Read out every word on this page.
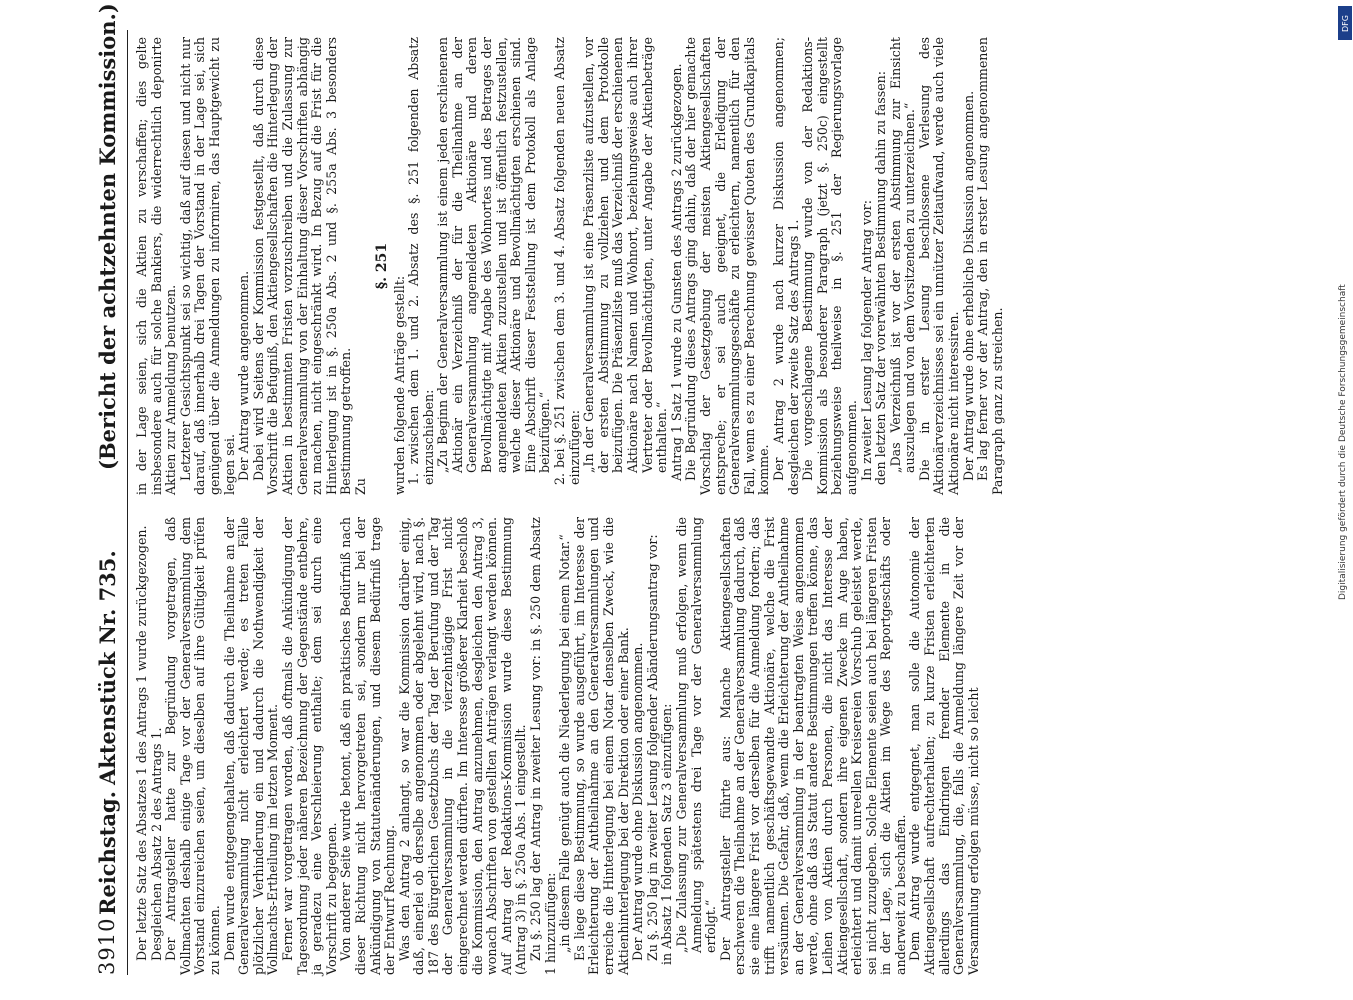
3910
Reichstag.
Aktenstück Nr. 735.
(Bericht der achtzehnten Kommission.)

Der letzte Satz des Absatzes 1 des Antrags 1 wurde zurückgezogen. Desgleichen Absatz 2 des Antrags 1. Der Antragsteller hatte zur Begründung vorgetragen, daß Vollmachten deshalb einige Tage vor der Generalversammlung dem Vorstand einzureichen seien, um dieselben auf ihre Gültigkeit prüfen zu können. Dem wurde entgegengehalten, daß dadurch die Theilnahme an der Generalversammlung nicht erleichtert werde; es treten Fälle plötzlicher Verhinderung ein und dadurch die Nothwendigkeit der Vollmachts-Ertheilung im letzten Moment. Ferner war vorgetragen worden, daß oftmals die Ankündigung der Tagesordnung jeder näheren Bezeichnung der Gegenstände entbehre, ja geradezu eine Verschleierung enthalte; dem sei durch eine Vorschrift zu begegnen. Von anderer Seite wurde betont, daß ein praktisches Bedürfniß nach dieser Richtung nicht hervorgetreten sei, sondern nur bei der Ankündigung von Statutenänderungen, und diesem Bedürfniß trage der Entwurf Rechnung. Was den Antrag 2 anlangt, so war die Kommission darüber einig, daß, einerlei ob derselbe angenommen oder abgelehnt wird, nach §. 187 des Bürgerlichen Gesetzbuchs der Tag der Berufung und der Tag der Generalversammlung in die vierzehntägige Frist nicht eingerechnet werden dürften. Im Interesse größerer Klarheit beschloß die Kommission, den Antrag anzunehmen, desgleichen den Antrag 3, wonach Abschriften von gestellten Anträgen verlangt werden können. Auf Antrag der Redaktions-Kommission wurde diese Bestimmung (Antrag 3) in §. 250a Abs. 1 eingestellt. Zu §. 250 lag der Antrag in zweiter Lesung vor: in §. 250 dem Absatz 1 hinzuzufügen: „in diesem Falle genügt auch die Niederlegung bei einem Notar.“ Es liege diese Bestimmung, so wurde ausgeführt, im Interesse der Erleichterung der Antheilnahme an den Generalversammlungen und erreiche die Hinterlegung bei einem Notar denselben Zweck, wie die Aktienhinterlegung bei der Direktion oder einer Bank. Der Antrag wurde ohne Diskussion angenommen. Zu §. 250 lag in zweiter Lesung folgender Abänderungsantrag vor: in Absatz 1 folgenden Satz 3 einzufügen: „Die Zulassung zur Generalversammlung muß erfolgen, wenn die Anmeldung spätestens drei Tage vor der Generalversammlung erfolgt.“ Der Antragsteller führte aus: Manche Aktiengesellschaften erschweren die Theilnahme an der Generalversammlung dadurch, daß sie eine längere Frist vor derselben für die Anmeldung fordern; das trifft namentlich geschäftsgewandte Aktionäre, welche die Frist versäumen. Die Gefahr, daß, wenn die Erleichterung der Antheilnahme an der Generalversammlung in der beantragten Weise angenommen werde, ohne daß das Statut andere Bestimmungen treffen könne, das Leihen von Aktien durch Personen, die nicht das Interesse der Aktiengesellschaft, sondern ihre eigenen Zwecke im Auge haben, erleichtert und damit unreellen Kreisereien Vorschub geleistet werde, sei nicht zuzugeben. Solche Elemente seien auch bei längeren Fristen in der Lage, sich die Aktien im Wege des Reportgeschäfts oder anderweit zu beschaffen. Dem Antrag wurde entgegnet, man solle die Autonomie der Aktiengesellschaft aufrechterhalten; zu kurze Fristen erleichterten allerdings das Eindringen fremder Elemente in die Generalversammlung, die, falls die Anmeldung längere Zeit vor der Versammlung erfolgen müsse, nicht so leicht

in der Lage seien, sich die Aktien zu verschaffen; dies gelte insbesondere auch für solche Bankiers, die widerrechtlich deponirte Aktien zur Anmeldung benutzen. Letzterer Gesichtspunkt sei so wichtig, daß auf diesen und nicht nur darauf, daß innerhalb drei Tagen der Vorstand in der Lage sei, sich genügend über die Anmeldungen zu informiren, das Hauptgewicht zu legen sei. Der Antrag wurde angenommen. Dabei wird Seitens der Kommission festgestellt, daß durch diese Vorschrift die Befugniß, den Aktiengesellschaften die Hinterlegung der Aktien in bestimmten Fristen vorzuschreiben und die Zulassung zur Generalversammlung von der Einhaltung dieser Vorschriften abhängig zu machen, nicht eingeschränkt wird. In Bezug auf die Frist für die Hinterlegung ist in §. 250a Abs. 2 und §. 255a Abs. 3 besonders Bestimmung getroffen. Zu

§. 251

wurden folgende Anträge gestellt: 1. zwischen dem 1. und 2. Absatz des §. 251 folgenden Absatz einzuschieben: „Zu Beginn der Generalversammlung ist einem jeden erschienenen Aktionär ein Verzeichniß der für die Theilnahme an der Generalversammlung angemeldeten Aktionäre und deren Bevollmächtigte mit Angabe des Wohnortes und des Betrages der angemeldeten Aktien zuzustellen und ist öffentlich festzustellen, welche dieser Aktionäre und Bevollmächtigten erschienen sind. Eine Abschrift dieser Feststellung ist dem Protokoll als Anlage beizufügen.“ 2. bei §. 251 zwischen dem 3. und 4. Absatz folgenden neuen Absatz einzufügen: „In der Generalversammlung ist eine Präsenzliste aufzustellen, vor der ersten Abstimmung zu vollziehen und dem Protokolle beizufügen. Die Präsenzliste muß das Verzeichniß der erschienenen Aktionäre nach Namen und Wohnort, beziehungsweise auch ihrer Vertreter oder Bevollmächtigten, unter Angabe der Aktienbeträge enthalten.“ Antrag 1 Satz 1 wurde zu Gunsten des Antrags 2 zurückgezogen. Die Begründung dieses Antrags ging dahin, daß der hier gemachte Vorschlag der Gesetzgebung der meisten Aktiengesellschaften entspreche; er sei auch geeignet, die Erledigung der Generalversammlungsgeschäfte zu erleichtern, namentlich für den Fall, wenn es zu einer Berechnung gewisser Quoten des Grundkapitals komme. Der Antrag 2 wurde nach kurzer Diskussion angenommen; desgleichen der zweite Satz des Antrags 1. Die vorgeschlagene Bestimmung wurde von der Redaktions-Kommission als besonderer Paragraph (jetzt §. 250c) eingestellt beziehungsweise theilweise in §. 251 der Regierungsvorlage aufgenommen. In zweiter Lesung lag folgender Antrag vor: den letzten Satz der vorerwähnten Bestimmung dahin zu fassen: „Das Verzeichniß ist vor der ersten Abstimmung zur Einsicht auszulegen und von dem Vorsitzenden zu unterzeichnen.“ Die in erster Lesung beschlossene Verlesung des Aktionärverzeichnisses sei ein unnützer Zeitaufwand, werde auch viele Aktionäre nicht interessiren. Der Antrag wurde ohne erhebliche Diskussion angenommen. Es lag ferner vor der Antrag, den in erster Lesung angenommenen Paragraph ganz zu streichen.	Digitalisierung gefördert durch die Deutsche Forschungsgemeinschaft
DFG
